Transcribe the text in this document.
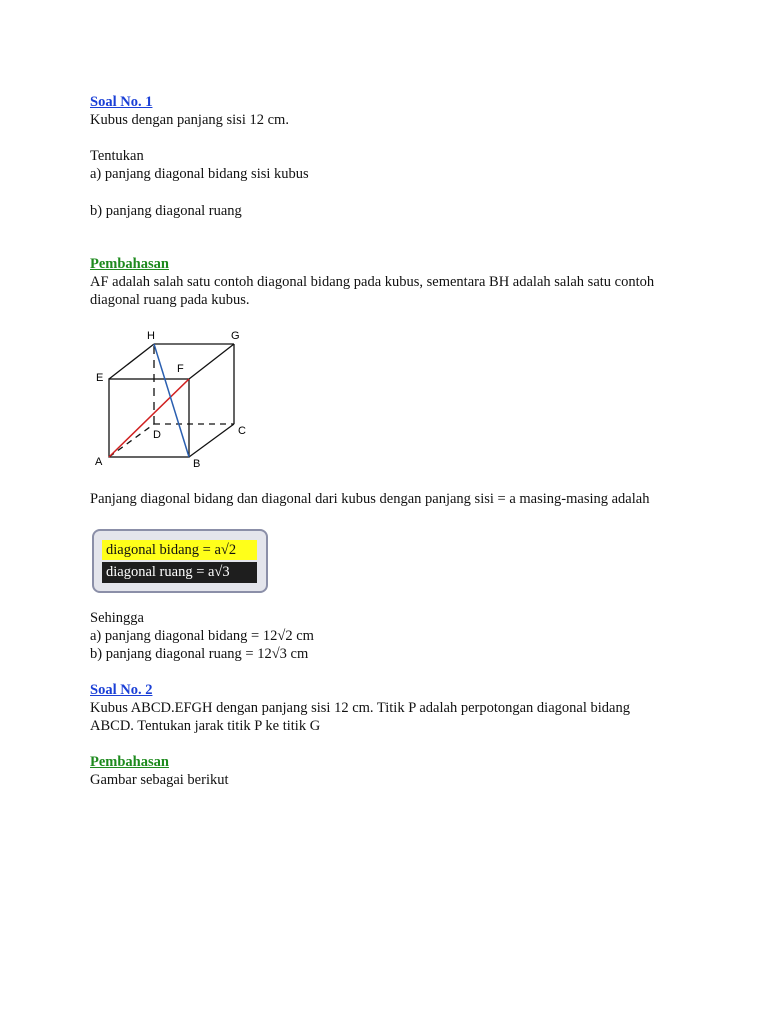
Soal No. 1
Kubus dengan panjang sisi 12 cm.
Tentukan
a) panjang diagonal bidang sisi kubus
b) panjang diagonal ruang
Pembahasan
AF adalah salah satu contoh diagonal bidang pada kubus, sementara BH adalah salah satu contoh
diagonal ruang pada kubus.
Panjang diagonal bidang dan diagonal dari kubus dengan panjang sisi = a masing-masing adalah
Sehingga
a) panjang diagonal bidang = 12√2 cm
b) panjang diagonal ruang = 12√3 cm
Soal No. 2
Kubus ABCD.EFGH dengan panjang sisi 12 cm. Titik P adalah perpotongan diagonal bidang
ABCD. Tentukan jarak titik P ke titik G
Pembahasan
Gambar sebagai berikut
A	B
C
D
E
F
G
H
diagonal bidang = a√2
diagonal ruang = a√3
